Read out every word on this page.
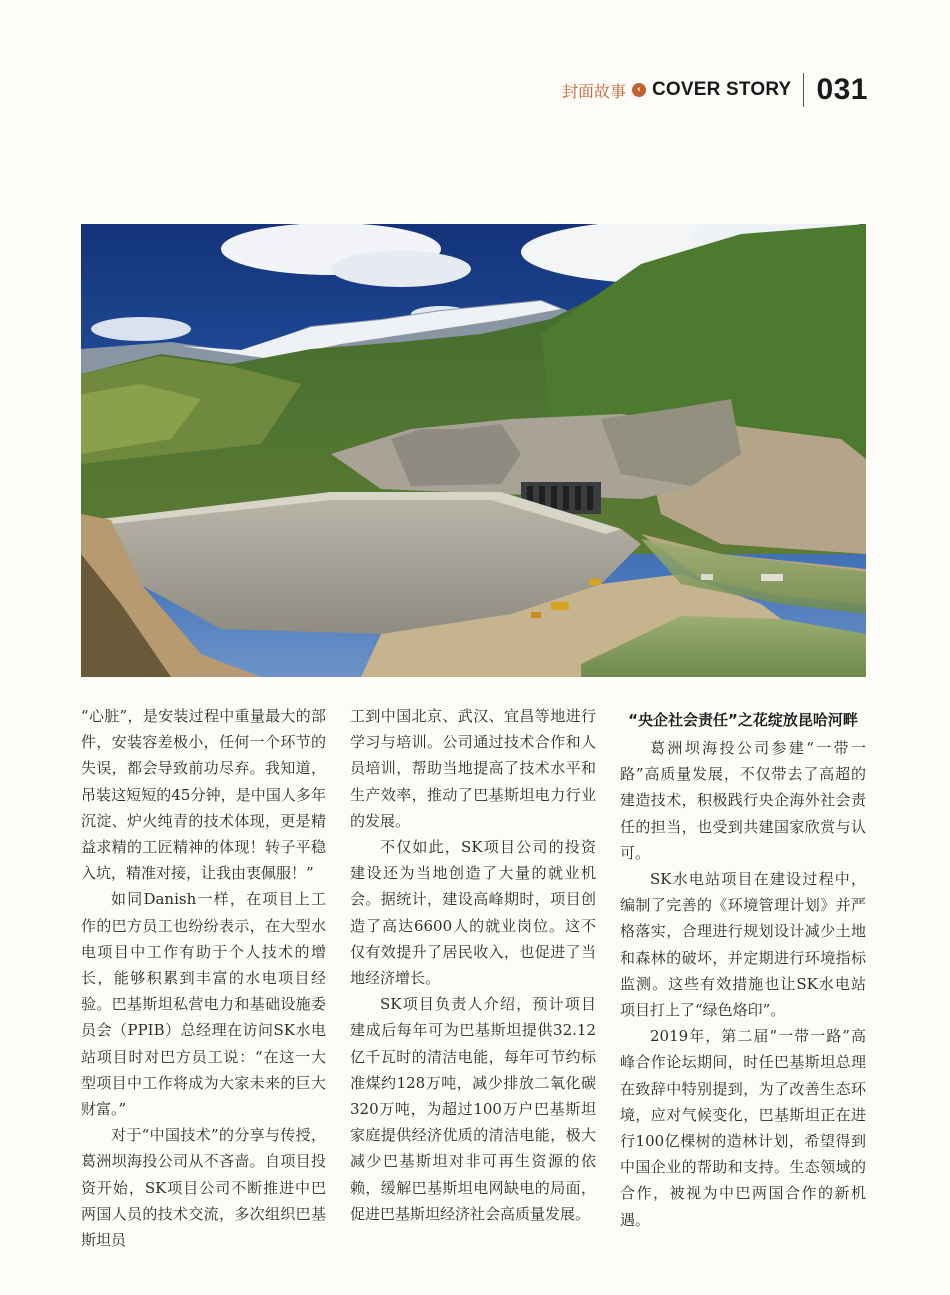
封面故事	‹ COVER STORY 031

“心脏”，是安装过程中重量最大的部件，安装容差极小，任何一个环节的失误，都会导致前功尽弃。我知道，吊装这短短的45分钟，是中国人多年沉淀、炉火纯青的技术体现，更是精益求精的工匠精神的体现！转子平稳入坑，精准对接，让我由衷佩服！”

如同Danish一样，在项目上工作的巴方员工也纷纷表示，在大型水电项目中工作有助于个人技术的增长，能够积累到丰富的水电项目经验。巴基斯坦私营电力和基础设施委员会（PPIB）总经理在访问SK水电站项目时对巴方员工说：“在这一大型项目中工作将成为大家未来的巨大财富。”

对于“中国技术”的分享与传授，葛洲坝海投公司从不吝啬。自项目投资开始，SK项目公司不断推进中巴两国人员的技术交流，多次组织巴基斯坦员

工到中国北京、武汉、宜昌等地进行学习与培训。公司通过技术合作和人员培训，帮助当地提高了技术水平和生产效率，推动了巴基斯坦电力行业的发展。

不仅如此，SK项目公司的投资建设还为当地创造了大量的就业机会。据统计，建设高峰期时，项目创造了高达6600人的就业岗位。这不仅有效提升了居民收入，也促进了当地经济增长。

SK项目负责人介绍，预计项目建成后每年可为巴基斯坦提供32.12亿千瓦时的清洁电能，每年可节约标准煤约128万吨，减少排放二氧化碳320万吨，为超过100万户巴基斯坦家庭提供经济优质的清洁电能，极大减少巴基斯坦对非可再生资源的依赖，缓解巴基斯坦电网缺电的局面，促进巴基斯坦经济社会高质量发展。

“央企社会责任”之花绽放昆哈河畔

葛洲坝海投公司参建“一带一路”高质量发展，不仅带去了高超的建造技术，积极践行央企海外社会责任的担当，也受到共建国家欣赏与认可。

SK水电站项目在建设过程中，编制了完善的《环境管理计划》并严格落实，合理进行规划设计减少土地和森林的破坏，并定期进行环境指标监测。这些有效措施也让SK水电站项目打上了“绿色烙印”。

2019年，第二届“一带一路”高峰合作论坛期间，时任巴基斯坦总理在致辞中特别提到，为了改善生态环境，应对气候变化，巴基斯坦正在进行100亿棵树的造林计划，希望得到中国企业的帮助和支持。生态领域的合作，被视为中巴两国合作的新机遇。
